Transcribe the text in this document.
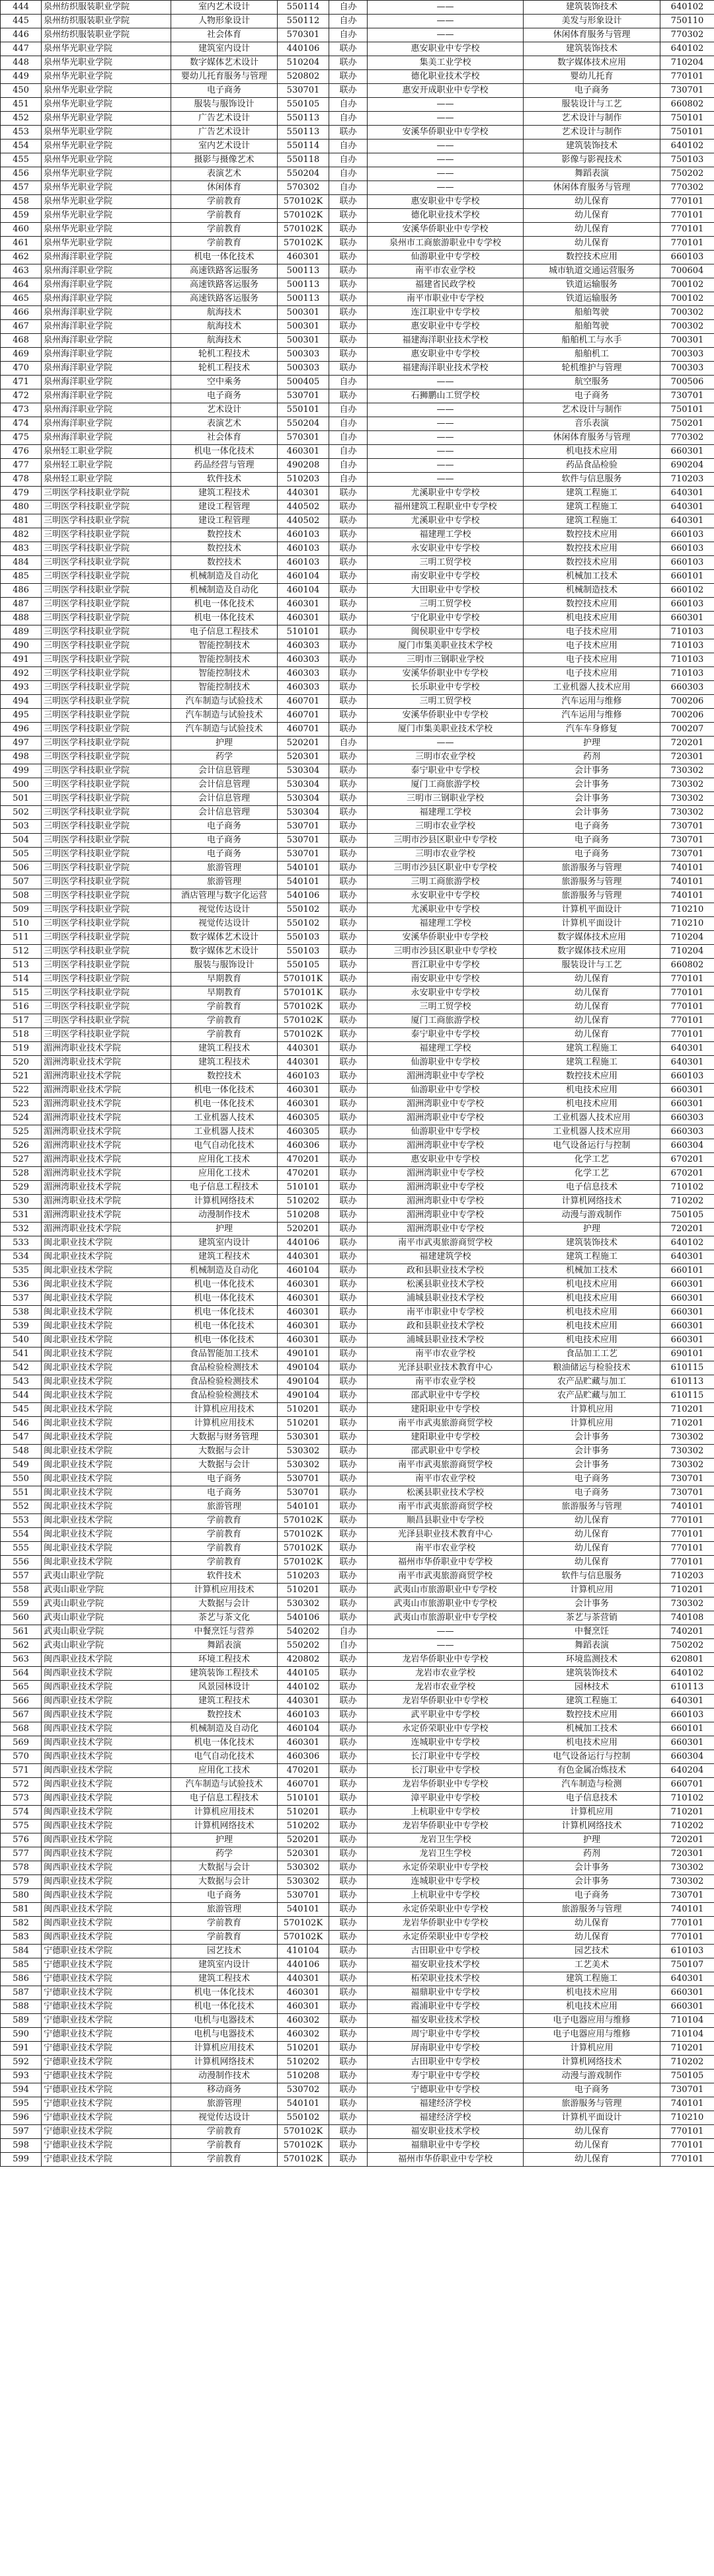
444	泉州纺织服装职业学院	室内艺术设计	550114	自办	——	建筑装饰技术	640102
445	泉州纺织服装职业学院	人物形象设计	550112	自办	——	美发与形象设计	750110
446	泉州纺织服装职业学院	社会体育	570301	自办	——	休闲体育服务与管理	770302
447	泉州华光职业学院	建筑室内设计	440106	联办	惠安职业中专学校	建筑装饰技术	640102
448	泉州华光职业学院	数字媒体艺术设计	510204	联办	集美工业学校	数字媒体技术应用	710204
449	泉州华光职业学院	婴幼儿托育服务与管理	520802	联办	德化职业技术学校	婴幼儿托育	770101
450	泉州华光职业学院	电子商务	530701	联办	惠安开成职业中专学校	电子商务	730701
451	泉州华光职业学院	服装与服饰设计	550105	自办	——	服装设计与工艺	660802
452	泉州华光职业学院	广告艺术设计	550113	自办	——	艺术设计与制作	750101
453	泉州华光职业学院	广告艺术设计	550113	联办	安溪华侨职业中专学校	艺术设计与制作	750101
454	泉州华光职业学院	室内艺术设计	550114	自办	——	建筑装饰技术	640102
455	泉州华光职业学院	摄影与摄像艺术	550118	自办	——	影像与影视技术	750103
456	泉州华光职业学院	表演艺术	550204	自办	——	舞蹈表演	750202
457	泉州华光职业学院	休闲体育	570302	自办	——	休闲体育服务与管理	770302
458	泉州华光职业学院	学前教育	570102K	联办	惠安职业中专学校	幼儿保育	770101
459	泉州华光职业学院	学前教育	570102K	联办	德化职业技术学校	幼儿保育	770101
460	泉州华光职业学院	学前教育	570102K	联办	安溪华侨职业中专学校	幼儿保育	770101
461	泉州华光职业学院	学前教育	570102K	联办	泉州市工商旅游职业中专学校	幼儿保育	770101
462	泉州海洋职业学院	机电一体化技术	460301	联办	仙游职业中专学校	数控技术应用	660103
463	泉州海洋职业学院	高速铁路客运服务	500113	联办	南平市农业学校	城市轨道交通运营服务	700604
464	泉州海洋职业学院	高速铁路客运服务	500113	联办	福建省民政学校	铁道运输服务	700102
465	泉州海洋职业学院	高速铁路客运服务	500113	联办	南平市职业中专学校	铁道运输服务	700102
466	泉州海洋职业学院	航海技术	500301	联办	连江职业中专学校	船舶驾驶	700302
467	泉州海洋职业学院	航海技术	500301	联办	惠安职业中专学校	船舶驾驶	700302
468	泉州海洋职业学院	航海技术	500301	联办	福建海洋职业技术学校	船舶机工与水手	700301
469	泉州海洋职业学院	轮机工程技术	500303	联办	惠安职业中专学校	船舶机工	700303
470	泉州海洋职业学院	轮机工程技术	500303	联办	福建海洋职业技术学校	轮机维护与管理	700303
471	泉州海洋职业学院	空中乘务	500405	自办	——	航空服务	700506
472	泉州海洋职业学院	电子商务	530701	联办	石狮鹏山工贸学校	电子商务	730701
473	泉州海洋职业学院	艺术设计	550101	自办	——	艺术设计与制作	750101
474	泉州海洋职业学院	表演艺术	550204	自办	——	音乐表演	750201
475	泉州海洋职业学院	社会体育	570301	自办	——	休闲体育服务与管理	770302
476	泉州轻工职业学院	机电一体化技术	460301	自办	——	机电技术应用	660301
477	泉州轻工职业学院	药品经营与管理	490208	自办	——	药品食品检验	690204
478	泉州轻工职业学院	软件技术	510203	自办	——	软件与信息服务	710203
479	三明医学科技职业学院	建筑工程技术	440301	联办	尤溪职业中专学校	建筑工程施工	640301
480	三明医学科技职业学院	建设工程管理	440502	联办	福州建筑工程职业中专学校	建筑工程施工	640301
481	三明医学科技职业学院	建设工程管理	440502	联办	尤溪职业中专学校	建筑工程施工	640301
482	三明医学科技职业学院	数控技术	460103	联办	福建理工学校	数控技术应用	660103
483	三明医学科技职业学院	数控技术	460103	联办	永安职业中专学校	数控技术应用	660103
484	三明医学科技职业学院	数控技术	460103	联办	三明工贸学校	数控技术应用	660103
485	三明医学科技职业学院	机械制造及自动化	460104	联办	南安职业中专学校	机械加工技术	660101
486	三明医学科技职业学院	机械制造及自动化	460104	联办	大田职业中专学校	机械制造技术	660102
487	三明医学科技职业学院	机电一体化技术	460301	联办	三明工贸学校	数控技术应用	660103
488	三明医学科技职业学院	机电一体化技术	460301	联办	宁化职业中专学校	机电技术应用	660301
489	三明医学科技职业学院	电子信息工程技术	510101	联办	闽侯职业中专学校	电子技术应用	710103
490	三明医学科技职业学院	智能控制技术	460303	联办	厦门市集美职业技术学校	电子技术应用	710103
491	三明医学科技职业学院	智能控制技术	460303	联办	三明市三钢职业学校	电子技术应用	710103
492	三明医学科技职业学院	智能控制技术	460303	联办	安溪华侨职业中专学校	电子技术应用	710103
493	三明医学科技职业学院	智能控制技术	460303	联办	长乐职业中专学校	工业机器人技术应用	660303
494	三明医学科技职业学院	汽车制造与试验技术	460701	联办	三明工贸学校	汽车运用与维修	700206
495	三明医学科技职业学院	汽车制造与试验技术	460701	联办	安溪华侨职业中专学校	汽车运用与维修	700206
496	三明医学科技职业学院	汽车制造与试验技术	460701	联办	厦门市集美职业技术学校	汽车车身修复	700207
497	三明医学科技职业学院	护理	520201	自办	——	护理	720201
498	三明医学科技职业学院	药学	520301	联办	三明市农业学校	药剂	720301
499	三明医学科技职业学院	会计信息管理	530304	联办	泰宁职业中专学校	会计事务	730302
500	三明医学科技职业学院	会计信息管理	530304	联办	厦门工商旅游学校	会计事务	730302
501	三明医学科技职业学院	会计信息管理	530304	联办	三明市三钢职业学校	会计事务	730302
502	三明医学科技职业学院	会计信息管理	530304	联办	福建理工学校	会计事务	730302
503	三明医学科技职业学院	电子商务	530701	联办	三明市农业学校	电子商务	730701
504	三明医学科技职业学院	电子商务	530701	联办	三明市沙县区职业中专学校	电子商务	730701
505	三明医学科技职业学院	电子商务	530701	联办	三明市农业学校	电子商务	730701
506	三明医学科技职业学院	旅游管理	540101	联办	三明市沙县区职业中专学校	旅游服务与管理	740101
507	三明医学科技职业学院	旅游管理	540101	联办	三明工商旅游学校	旅游服务与管理	740101
508	三明医学科技职业学院	酒店管理与数字化运营	540106	联办	永安职业中专学校	旅游服务与管理	740101
509	三明医学科技职业学院	视觉传达设计	550102	联办	尤溪职业中专学校	计算机平面设计	710210
510	三明医学科技职业学院	视觉传达设计	550102	联办	福建理工学校	计算机平面设计	710210
511	三明医学科技职业学院	数字媒体艺术设计	550103	联办	安溪华侨职业中专学校	数字媒体技术应用	710204
512	三明医学科技职业学院	数字媒体艺术设计	550103	联办	三明市沙县区职业中专学校	数字媒体技术应用	710204
513	三明医学科技职业学院	服装与服饰设计	550105	联办	晋江职业中专学校	服装设计与工艺	660802
514	三明医学科技职业学院	早期教育	570101K	联办	南安职业中专学校	幼儿保育	770101
515	三明医学科技职业学院	早期教育	570101K	联办	永安职业中专学校	幼儿保育	770101
516	三明医学科技职业学院	学前教育	570102K	联办	三明工贸学校	幼儿保育	770101
517	三明医学科技职业学院	学前教育	570102K	联办	厦门工商旅游学校	幼儿保育	770101
518	三明医学科技职业学院	学前教育	570102K	联办	泰宁职业中专学校	幼儿保育	770101
519	湄洲湾职业技术学院	建筑工程技术	440301	联办	福建理工学校	建筑工程施工	640301
520	湄洲湾职业技术学院	建筑工程技术	440301	联办	仙游职业中专学校	建筑工程施工	640301
521	湄洲湾职业技术学院	数控技术	460103	联办	湄洲湾职业中专学校	数控技术应用	660103
522	湄洲湾职业技术学院	机电一体化技术	460301	联办	仙游职业中专学校	机电技术应用	660301
523	湄洲湾职业技术学院	机电一体化技术	460301	联办	湄洲湾职业中专学校	机电技术应用	660301
524	湄洲湾职业技术学院	工业机器人技术	460305	联办	湄洲湾职业中专学校	工业机器人技术应用	660303
525	湄洲湾职业技术学院	工业机器人技术	460305	联办	仙游职业中专学校	工业机器人技术应用	660303
526	湄洲湾职业技术学院	电气自动化技术	460306	联办	湄洲湾职业中专学校	电气设备运行与控制	660304
527	湄洲湾职业技术学院	应用化工技术	470201	联办	惠安职业中专学校	化学工艺	670201
528	湄洲湾职业技术学院	应用化工技术	470201	联办	湄洲湾职业中专学校	化学工艺	670201
529	湄洲湾职业技术学院	电子信息工程技术	510101	联办	湄洲湾职业中专学校	电子信息技术	710102
530	湄洲湾职业技术学院	计算机网络技术	510202	联办	湄洲湾职业中专学校	计算机网络技术	710202
531	湄洲湾职业技术学院	动漫制作技术	510208	联办	湄洲湾职业中专学校	动漫与游戏制作	750105
532	湄洲湾职业技术学院	护理	520201	联办	湄洲湾职业中专学校	护理	720201
533	闽北职业技术学院	建筑室内设计	440106	联办	南平市武夷旅游商贸学校	建筑装饰技术	640102
534	闽北职业技术学院	建筑工程技术	440301	联办	福建建筑学校	建筑工程施工	640301
535	闽北职业技术学院	机械制造及自动化	460104	联办	政和县职业技术学校	机械加工技术	660101
536	闽北职业技术学院	机电一体化技术	460301	联办	松溪县职业技术学校	机电技术应用	660301
537	闽北职业技术学院	机电一体化技术	460301	联办	浦城县职业技术学校	机电技术应用	660301
538	闽北职业技术学院	机电一体化技术	460301	联办	南平市职业中专学校	机电技术应用	660301
539	闽北职业技术学院	机电一体化技术	460301	联办	政和县职业技术学校	机电技术应用	660301
540	闽北职业技术学院	机电一体化技术	460301	联办	浦城县职业技术学校	机电技术应用	660301
541	闽北职业技术学院	食品智能加工技术	490101	联办	南平市农业学校	食品加工工艺	690101
542	闽北职业技术学院	食品检验检测技术	490104	联办	光泽县职业技术教育中心	粮油储运与检验技术	610115
543	闽北职业技术学院	食品检验检测技术	490104	联办	南平市农业学校	农产品贮藏与加工	610113
544	闽北职业技术学院	食品检验检测技术	490104	联办	邵武职业中专学校	农产品贮藏与加工	610115
545	闽北职业技术学院	计算机应用技术	510201	联办	建阳职业中专学校	计算机应用	710201
546	闽北职业技术学院	计算机应用技术	510201	联办	南平市武夷旅游商贸学校	计算机应用	710201
547	闽北职业技术学院	大数据与财务管理	530301	联办	建阳职业中专学校	会计事务	730302
548	闽北职业技术学院	大数据与会计	530302	联办	邵武职业中专学校	会计事务	730302
549	闽北职业技术学院	大数据与会计	530302	联办	南平市武夷旅游商贸学校	会计事务	730302
550	闽北职业技术学院	电子商务	530701	联办	南平市农业学校	电子商务	730701
551	闽北职业技术学院	电子商务	530701	联办	松溪县职业技术学校	电子商务	730701
552	闽北职业技术学院	旅游管理	540101	联办	南平市武夷旅游商贸学校	旅游服务与管理	740101
553	闽北职业技术学院	学前教育	570102K	联办	顺昌县职业中专学校	幼儿保育	770101
554	闽北职业技术学院	学前教育	570102K	联办	光泽县职业技术教育中心	幼儿保育	770101
555	闽北职业技术学院	学前教育	570102K	联办	南平市农业学校	幼儿保育	770101
556	闽北职业技术学院	学前教育	570102K	联办	福州市华侨职业中专学校	幼儿保育	770101
557	武夷山职业学院	软件技术	510203	联办	南平市武夷旅游商贸学校	软件与信息服务	710203
558	武夷山职业学院	计算机应用技术	510201	联办	武夷山市旅游职业中专学校	计算机应用	710201
559	武夷山职业学院	大数据与会计	530302	联办	武夷山市旅游职业中专学校	会计事务	730302
560	武夷山职业学院	茶艺与茶文化	540106	联办	武夷山市旅游职业中专学校	茶艺与茶营销	740108
561	武夷山职业学院	中餐烹饪与营养	540202	自办	——	中餐烹饪	740201
562	武夷山职业学院	舞蹈表演	550202	自办	——	舞蹈表演	750202
563	闽西职业技术学院	环境工程技术	420802	联办	龙岩华侨职业中专学校	环境监测技术	620801
564	闽西职业技术学院	建筑装饰工程技术	440105	联办	龙岩市农业学校	建筑装饰技术	640102
565	闽西职业技术学院	风景园林设计	440102	联办	龙岩市农业学校	园林技术	610113
566	闽西职业技术学院	建筑工程技术	440301	联办	龙岩华侨职业中专学校	建筑工程施工	640301
567	闽西职业技术学院	数控技术	460103	联办	武平职业中专学校	数控技术应用	660103
568	闽西职业技术学院	机械制造及自动化	460104	联办	永定侨荣职业中专学校	机械加工技术	660101
569	闽西职业技术学院	机电一体化技术	460301	联办	连城职业中专学校	机电技术应用	660301
570	闽西职业技术学院	电气自动化技术	460306	联办	长汀职业中专学校	电气设备运行与控制	660304
571	闽西职业技术学院	应用化工技术	470201	联办	长汀职业中专学校	有色金属冶炼技术	640204
572	闽西职业技术学院	汽车制造与试验技术	460701	联办	龙岩华侨职业中专学校	汽车制造与检测	660701
573	闽西职业技术学院	电子信息工程技术	510101	联办	漳平职业中专学校	电子信息技术	710102
574	闽西职业技术学院	计算机应用技术	510201	联办	上杭职业中专学校	计算机应用	710201
575	闽西职业技术学院	计算机网络技术	510202	联办	龙岩华侨职业中专学校	计算机网络技术	710202
576	闽西职业技术学院	护理	520201	联办	龙岩卫生学校	护理	720201
577	闽西职业技术学院	药学	520301	联办	龙岩卫生学校	药剂	720301
578	闽西职业技术学院	大数据与会计	530302	联办	永定侨荣职业中专学校	会计事务	730302
579	闽西职业技术学院	大数据与会计	530302	联办	连城职业中专学校	会计事务	730302
580	闽西职业技术学院	电子商务	530701	联办	上杭职业中专学校	电子商务	730701
581	闽西职业技术学院	旅游管理	540101	联办	永定侨荣职业中专学校	旅游服务与管理	740101
582	闽西职业技术学院	学前教育	570102K	联办	龙岩华侨职业中专学校	幼儿保育	770101
583	闽西职业技术学院	学前教育	570102K	联办	永定侨荣职业中专学校	幼儿保育	770101
584	宁德职业技术学院	园艺技术	410104	联办	古田职业中专学校	园艺技术	610103
585	宁德职业技术学院	建筑室内设计	440106	联办	福安职业技术学校	工艺美术	750107
586	宁德职业技术学院	建筑工程技术	440301	联办	柘荣职业技术学校	建筑工程施工	640301
587	宁德职业技术学院	机电一体化技术	460301	联办	福鼎职业中专学校	机电技术应用	660301
588	宁德职业技术学院	机电一体化技术	460301	联办	霞浦职业中专学校	机电技术应用	660301
589	宁德职业技术学院	电机与电器技术	460302	联办	福安职业技术学校	电子电器应用与维修	710104
590	宁德职业技术学院	电机与电器技术	460302	联办	周宁职业中专学校	电子电器应用与维修	710104
591	宁德职业技术学院	计算机应用技术	510201	联办	屏南职业中专学校	计算机应用	710201
592	宁德职业技术学院	计算机网络技术	510202	联办	古田职业中专学校	计算机网络技术	710202
593	宁德职业技术学院	动漫制作技术	510208	联办	寿宁职业中专学校	动漫与游戏制作	750105
594	宁德职业技术学院	移动商务	530702	联办	宁德职业中专学校	电子商务	730701
595	宁德职业技术学院	旅游管理	540101	联办	福建经济学校	旅游服务与管理	740101
596	宁德职业技术学院	视觉传达设计	550102	联办	福建经济学校	计算机平面设计	710210
597	宁德职业技术学院	学前教育	570102K	联办	福安职业技术学校	幼儿保育	770101
598	宁德职业技术学院	学前教育	570102K	联办	福鼎职业中专学校	幼儿保育	770101
599	宁德职业技术学院	学前教育	570102K	联办	福州市华侨职业中专学校	幼儿保育	770101
